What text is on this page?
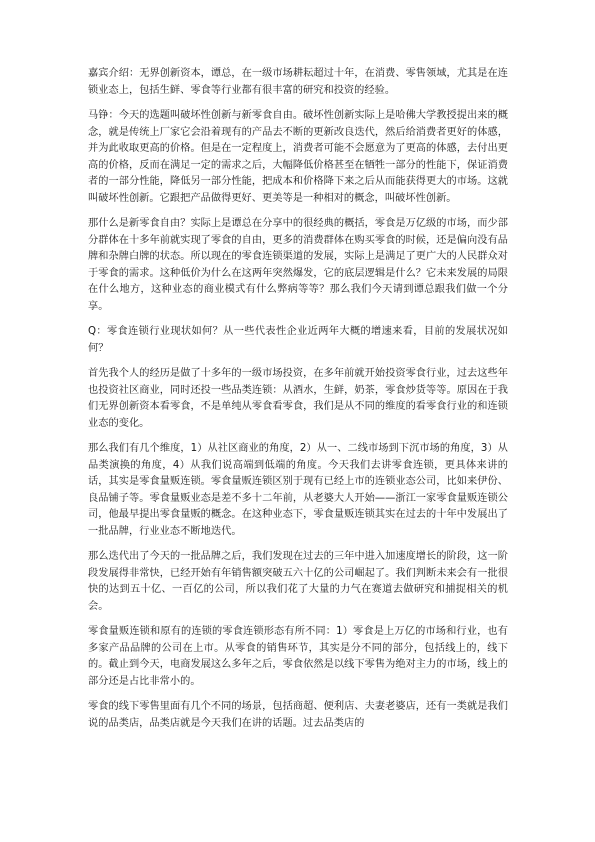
嘉宾介绍：无界创新资本，谭总，在一级市场耕耘超过十年，在消费、零售领域，尤其是在连锁业态上，包括生鲜、零食等行业都有很丰富的研究和投资的经验。

马铮：今天的选题叫破坏性创新与新零食自由。破坏性创新实际上是哈佛大学教授提出来的概念，就是传统上厂家它会沿着现有的产品去不断的更新改良迭代，然后给消费者更好的体感，并为此收取更高的价格。但是在一定程度上，消费者可能不会愿意为了更高的体感，去付出更高的价格，反而在满足一定的需求之后，大幅降低价格甚至在牺牲一部分的性能下，保证消费者的一部分性能，降低另一部分性能，把成本和价格降下来之后从而能获得更大的市场。这就叫破坏性创新。它跟把产品做得更好、更美等是一种相对的概念，叫破坏性创新。

那什么是新零食自由？实际上是谭总在分享中的很经典的概括，零食是万亿级的市场，而少部分群体在十多年前就实现了零食的自由，更多的消费群体在购买零食的时候，还是偏向没有品牌和杂牌白牌的状态。所以现在的零食连锁渠道的发展，实际上是满足了更广大的人民群众对于零食的需求。这种低价为什么在这两年突然爆发，它的底层逻辑是什么？它未来发展的局限在什么地方，这种业态的商业模式有什么弊病等等？那么我们今天请到谭总跟我们做一个分享。

Q：零食连锁行业现状如何？从一些代表性企业近两年大概的增速来看，目前的发展状况如何？

首先我个人的经历是做了十多年的一级市场投资，在多年前就开始投资零食行业，过去这些年也投资社区商业，同时还投一些品类连锁：从酒水，生鲜，奶茶，零食炒货等等。原因在于我们无界创新资本看零食，不是单纯从零食看零食，我们是从不同的维度的看零食行业的和连锁业态的变化。

那么我们有几个维度，1）从社区商业的角度，2）从一、二线市场到下沉市场的角度，3）从品类演换的角度，4）从我们说高端到低端的角度。今天我们去讲零食连锁，更具体来讲的话，其实是零食量贩连锁。零食量贩连锁区别于现有已经上市的连锁业态公司，比如来伊份、良品铺子等。零食量贩业态是差不多十二年前，从老婆大人开始——浙江一家零食量贩连锁公司，他最早提出零食量贩的概念。在这种业态下，零食量贩连锁其实在过去的十年中发展出了一批品牌，行业业态不断地迭代。

那么迭代出了今天的一批品牌之后，我们发现在过去的三年中进入加速度增长的阶段，这一阶段发展得非常快，已经开始有年销售额突破五六十亿的公司崛起了。我们判断未来会有一批很快的达到五十亿、一百亿的公司，所以我们花了大量的力气在赛道去做研究和捕捉相关的机会。

零食量贩连锁和原有的连锁的零食连锁形态有所不同：1）零食是上万亿的市场和行业，也有多家产品品牌的公司在上市。从零食的销售环节，其实是分不同的部分，包括线上的，线下的。截止到今天，电商发展这么多年之后，零食依然是以线下零售为绝对主力的市场，线上的部分还是占比非常小的。

零食的线下零售里面有几个不同的场景，包括商超、便利店、夫妻老婆店，还有一类就是我们说的品类店，品类店就是今天我们在讲的话题。过去品类店的
